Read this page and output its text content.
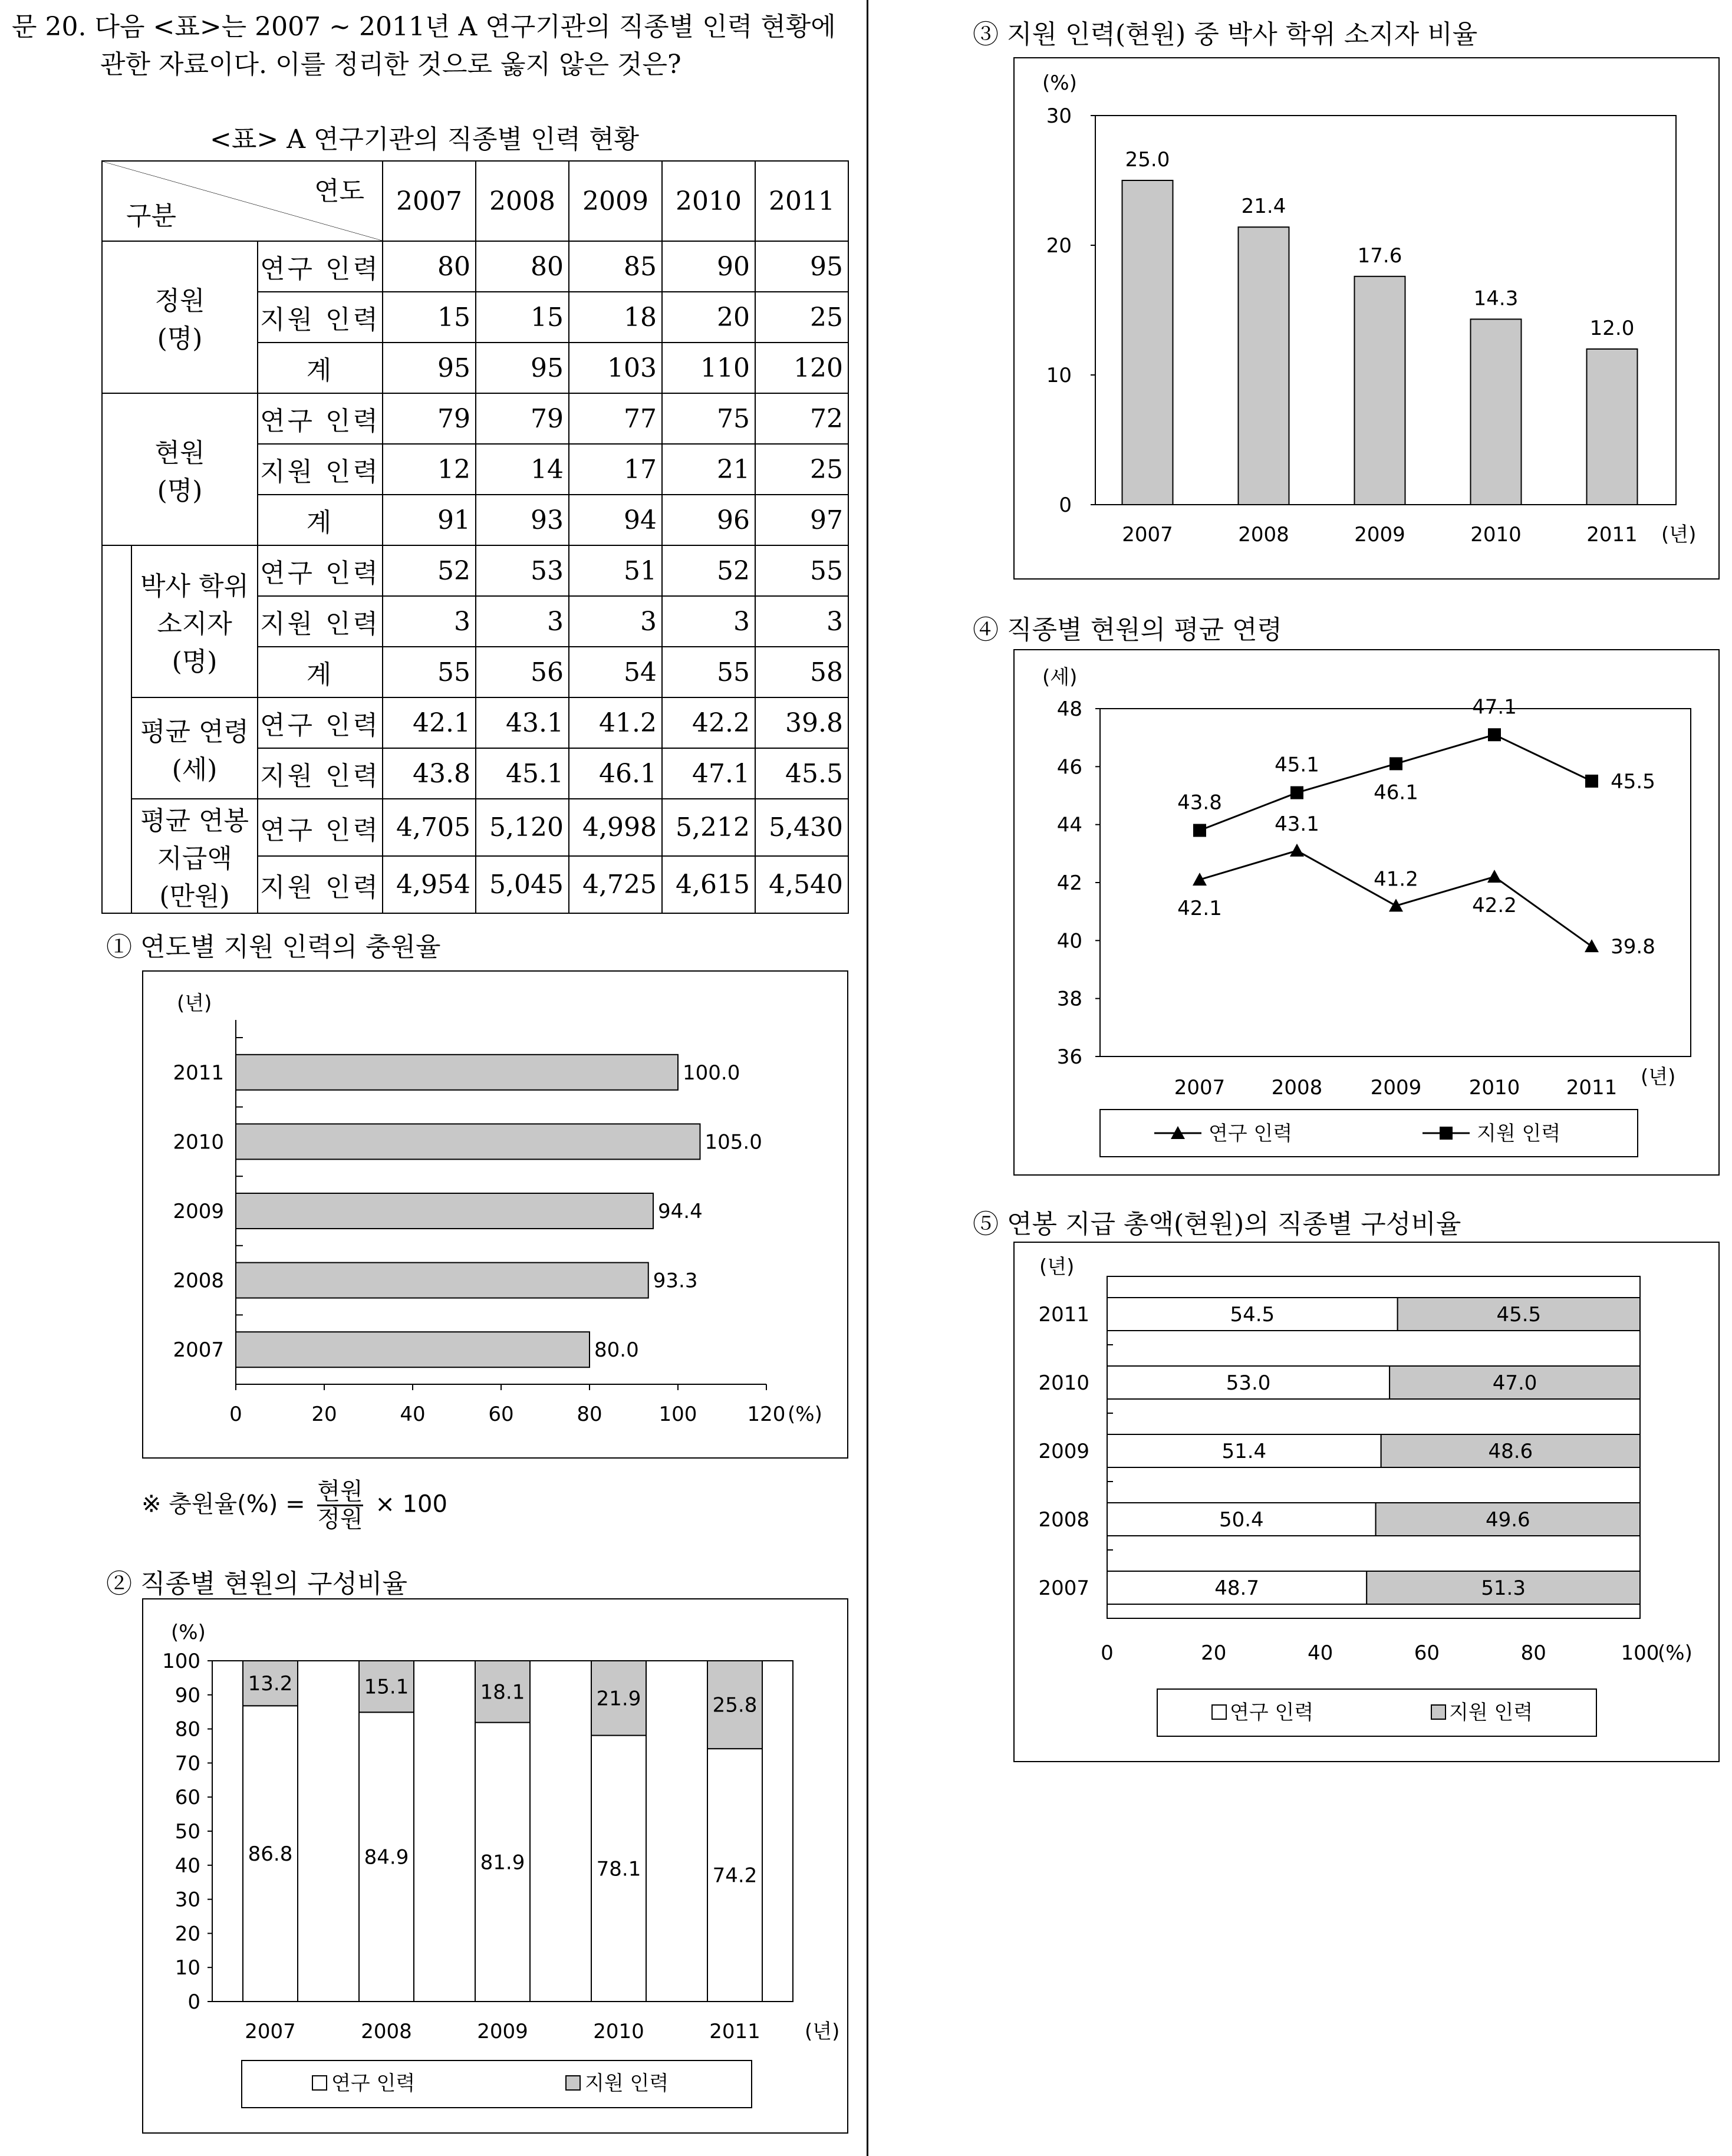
문 20. 다음 <표>는 2007 ~ 2011년 A 연구기관의 직종별 인력 현황에
관한 자료이다. 이를 정리한 것으로 옳지 않은 것은?
<표> A 연구기관의 직종별 인력 현황
연도
구분			2007	2008	2009	2010	2011

정원
(명)		연구 인력	80	80	85	90	95
		지원 인력	15	15	18	20	25
		계	95	95	103	110	120

현원
(명)		연구 인력	79	79	77	75	72
		지원 인력	12	14	17	21	25
		계	91	93	94	96	97

	박사 학위
소지자
(명)	연구 인력	52	53	51	52	55
		지원 인력	3	3	3	3	3
		계	55	56	54	55	58

	평균 연령
(세)	연구 인력	42.1	43.1	41.2	42.2	39.8
		지원 인력	43.8	45.1	46.1	47.1	45.5

	평균 연봉
지급액
(만원)	연구 인력	4,705	5,120	4,998	5,212	5,430
		지원 인력	4,954	5,045	4,725	4,615	4,540
① 연도별 지원 인력의 충원율
(년)
2011	100.0
2010	105.0
2009	94.4
2008	93.3
2007	80.0
0	20	40	60	80	100	120 (%)
※ 충원율(%) = $\frac{\text{현원}}{\text{정원}} \times 100$
② 직종별 현원의 구성비율
(%)
0
10
20
30
40
50
60
70
80
90
100
86.8
13.2
2007
84.9
15.1
2008
81.9
18.1
2009
78.1
21.9
2010
74.2
25.8
2011 (년)
연구 인력	지원 인력
③ 지원 인력(현원) 중 박사 학위 소지자 비율
(%)
0
10
20
30
25.0
2007
21.4
2008
17.6
2009
14.3
2010
12.0
2011 (년)
④ 직종별 현원의 평균 연령
(세)
36
38
40
42
44
46
48
2007 2008 2009 2010 2011 (년)
42.1
43.1
41.2
42.2
39.8
43.8
45.1
46.1
47.1
45.5
연구 인력	지원 인력
⑤ 연봉 지급 총액(현원)의 직종별 구성비율
(년)
2011	54.5	45.5
2010	53.0	47.0
2009	51.4	48.6
2008	50.4	49.6
2007	48.7	51.3
0	20	40	60	80	100
(%)
연구 인력	지원 인력
